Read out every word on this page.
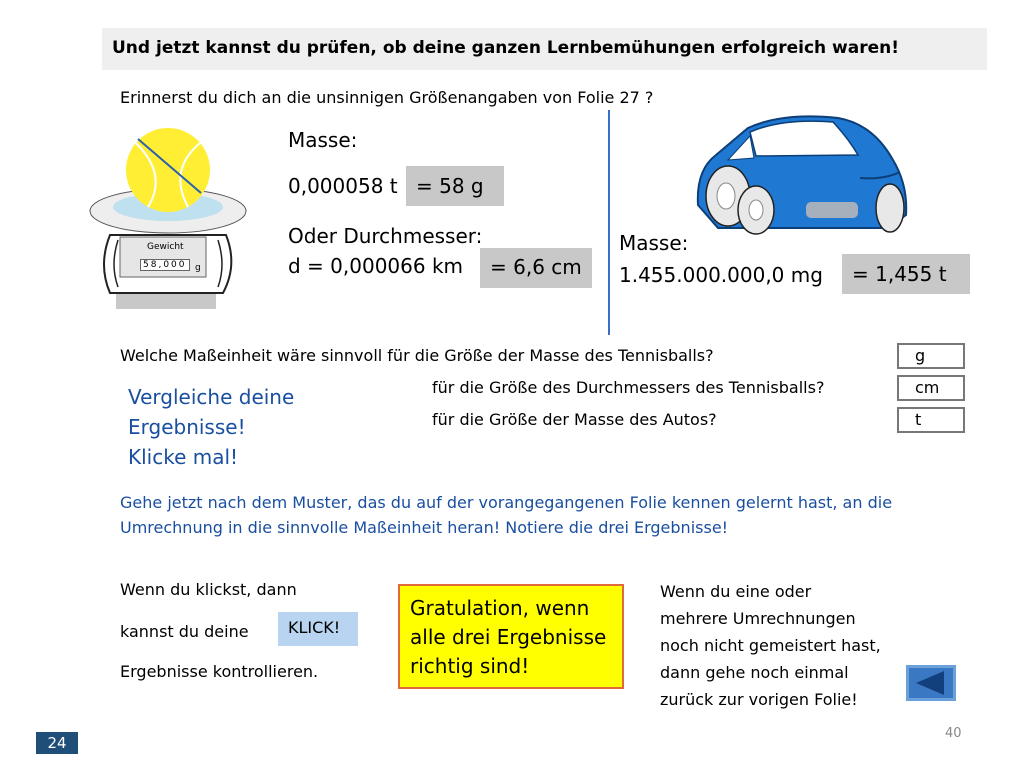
Und jetzt kannst du prüfen, ob deine ganzen Lernbemühungen erfolgreich waren!
Erinnerst du dich an die unsinnigen Größenangaben von Folie 27 ?
Gewicht
58,000 g
Masse:
0,000058 t = 58 g
Oder Durchmesser:
d = 0,000066 km	= 6,6 cm
Masse:
1.455.000.000,0 mg	= 1,455 t
Welche Maßeinheit wäre sinnvoll für die Größe der Masse des Tennisballs?	g
für die Größe des Durchmessers des Tennisballs?	cm
für die Größe der Masse des Autos?	t
Vergleiche deine
Ergebnisse!
Klicke mal!
Gehe jetzt nach dem Muster, das du auf der vorangegangenen Folie kennen gelernt hast, an die Umrechnung in die sinnvolle Maßeinheit heran! Notiere die drei Ergebnisse!
Wenn du klickst, dann
kannst du deine	KLICK!
Ergebnisse kontrollieren.
Gratulation, wenn alle drei Ergebnisse richtig sind!
Wenn du eine oder
mehrere Umrechnungen
noch nicht gemeistert hast,
dann gehe noch einmal
zurück zur vorigen Folie!
24
40
